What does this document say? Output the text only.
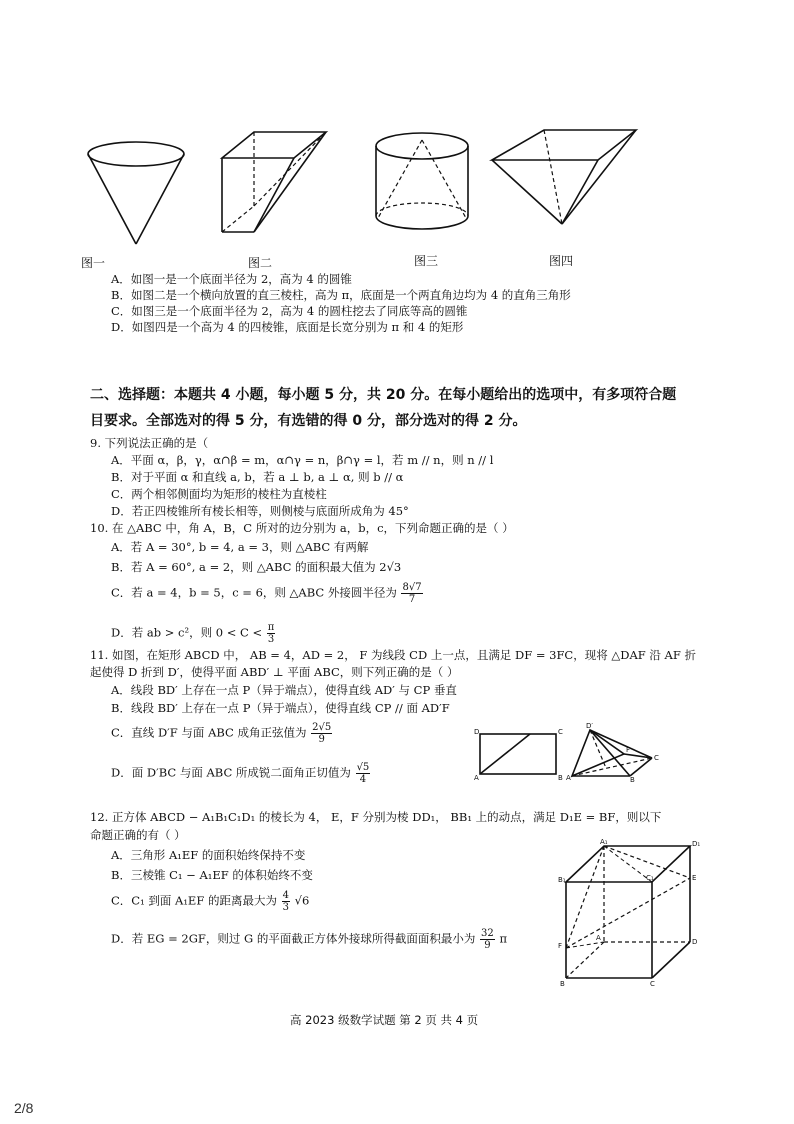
图一	图二	图三	图四
A．如图一是一个底面半径为 2，高为 4 的圆锥
B．如图二是一个横向放置的直三棱柱，高为 π，底面是一个两直角边均为 4 的直角三角形
C．如图三是一个底面半径为 2，高为 4 的圆柱挖去了同底等高的圆锥
D．如图四是一个高为 4 的四棱锥，底面是长宽分别为 π 和 4 的矩形
二、选择题：本题共 4 小题，每小题 5 分，共 20 分。在每小题给出的选项中，有多项符合题
目要求。全部选对的得 5 分，有选错的得 0 分，部分选对的得 2 分。
9. 下列说法正确的是（
A．平面 α，β，γ，α∩β = m，α∩γ = n，β∩γ = l，若 m // n，则 n // l
B．对于平面 α 和直线 a, b，若 a ⊥ b, a ⊥ α, 则 b // α
C．两个相邻侧面均为矩形的棱柱为直棱柱
D．若正四棱锥所有棱长相等，则侧棱与底面所成角为 45°
10. 在 △ABC 中，角 A，B，C 所对的边分别为 a，b，c，下列命题正确的是（ ）
A．若 A = 30°, b = 4, a = 3，则 △ABC 有两解
B．若 A = 60°, a = 2，则 △ABC 的面积最大值为 2√3
C．若 a = 4，b = 5，c = 6，则 △ABC 外接圆半径为 $\frac{8√7}{7}$
D．若 ab > c²，则 $0 < C < \frac{\pi}{3}$
11. 如图，在矩形 ABCD 中， AB = 4，AD = 2， F 为线段 CD 上一点，且满足 DF = 3FC，现将 △DAF 沿 AF 折
起使得 D 折到 D′，使得平面 ABD′ ⊥ 平面 ABC，则下列正确的是（ ）
A．线段 BD′ 上存在一点 P（异于端点），使得直线 AD′ 与 CP 垂直
B．线段 BD′ 上存在一点 P（异于端点），使得直线 CP // 面 AD′F
C．直线 D′F 与面 ABC 成角正弦值为 $\frac{2√5}{9}$
D．面 D′BC 与面 ABC 所成锐二面角正切值为 $\frac{√5}{4}$
D	C
A	B
D′
F
A	B
C
12. 正方体 ABCD − A₁B₁C₁D₁ 的棱长为 4， E，F 分别为棱 DD₁， BB₁ 上的动点，满足 D₁E = BF，则以下
命题正确的有（ ）
A．三角形 A₁EF 的面积始终保持不变
B．三棱锥 C₁ − A₁EF 的体积始终不变
C．C₁ 到面 A₁EF 的距离最大为 $\frac{4}{3} √6$
D．若 EG = 2GF，则过 G 的平面截正方体外接球所得截面面积最小为 $\frac{32}{9}$ π
A₁	D₁
B₁	C₁	E
A	D
F
B	C
高 2023 级数学试题 第 2 页 共 4 页
2/8
